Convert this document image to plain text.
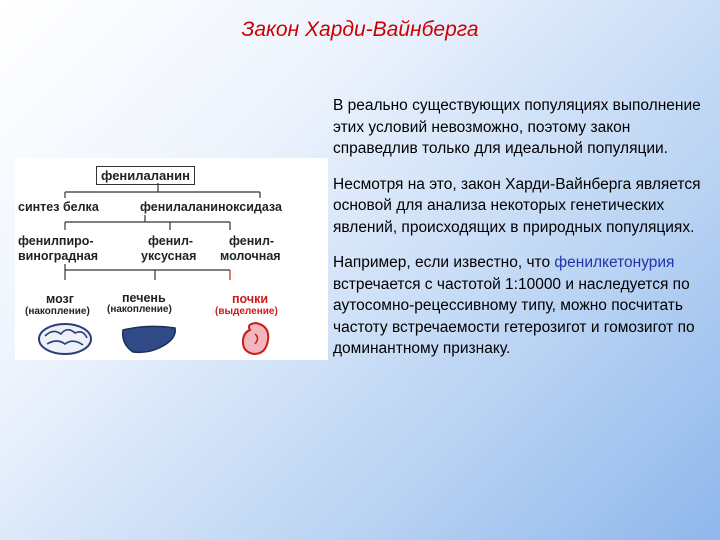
Закон Харди-Вайнберга

В реально существующих популяциях выполнение этих условий невозможно, поэтому закон справедлив только для идеальной популяции.

Несмотря на это, закон Харди-Вайнберга является основой для анализа некоторых генетических явлений, происходящих в природных популяциях.

Например, если известно, что фенилкетонурия встречается с частотой 1:10000 и наследуется по аутосомно-рецессивному типу, можно посчитать частоту встречаемости гетерозигот и гомозигот по доминантному признаку.

фенилаланин
синтез белка	фенилаланиноксидаза
фенилпиро-
виноградная
фенил-
уксусная
фенил-
молочная
мозг
(накопление)
печень
(накопление)
почки
(выделение)
